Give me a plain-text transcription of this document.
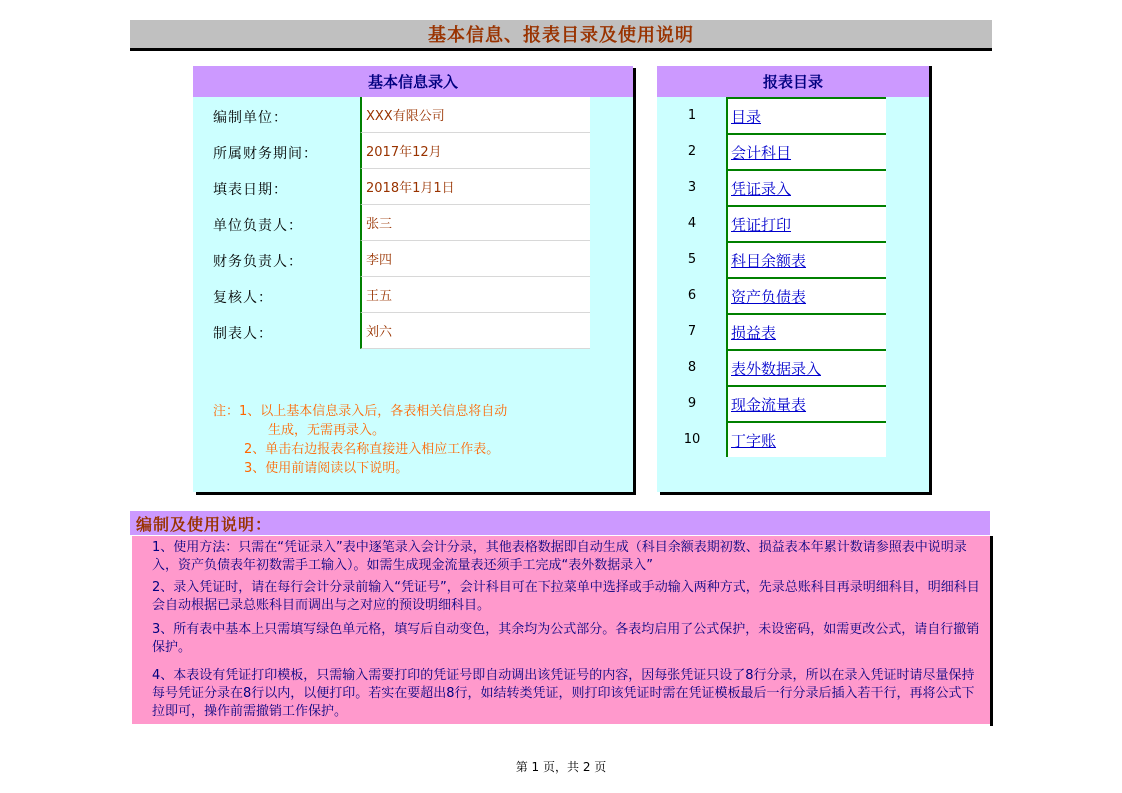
基本信息、报表目录及使用说明
基本信息录入
编制单位：	XXX有限公司
所属财务期间：	2017年12月
填表日期：	2018年1月1日
单位负责人：	张三
财务负责人：	李四
复核人：	王五
制表人：	刘六
注：1、以上基本信息录入后，各表相关信息将自动
生成，无需再录入。
2、单击右边报表名称直接进入相应工作表。
3、使用前请阅读以下说明。
报表目录
1	目录
2	会计科目
3	凭证录入
4	凭证打印
5	科目余额表
6	资产负债表
7	损益表
8	表外数据录入
9	现金流量表
10	丁字账
编制及使用说明：

1、使用方法：只需在“凭证录入”表中逐笔录入会计分录，其他表格数据即自动生成（科目余额表期初数、损益表本年累计数请参照表中说明录入，资产负债表年初数需手工输入）。如需生成现金流量表还须手工完成“表外数据录入”

2、录入凭证时，请在每行会计分录前输入“凭证号”，会计科目可在下拉菜单中选择或手动输入两种方式，先录总账科目再录明细科目，明细科目会自动根据已录总账科目而调出与之对应的预设明细科目。

3、所有表中基本上只需填写绿色单元格，填写后自动变色，其余均为公式部分。各表均启用了公式保护，未设密码，如需更改公式，请自行撤销保护。

4、本表设有凭证打印模板，只需输入需要打印的凭证号即自动调出该凭证号的内容，因每张凭证只设了8行分录，所以在录入凭证时请尽量保持每号凭证分录在8行以内，以便打印。若实在要超出8行，如结转类凭证，则打印该凭证时需在凭证模板最后一行分录后插入若干行，再将公式下拉即可，操作前需撤销工作保护。

第 1 页，共 2 页
